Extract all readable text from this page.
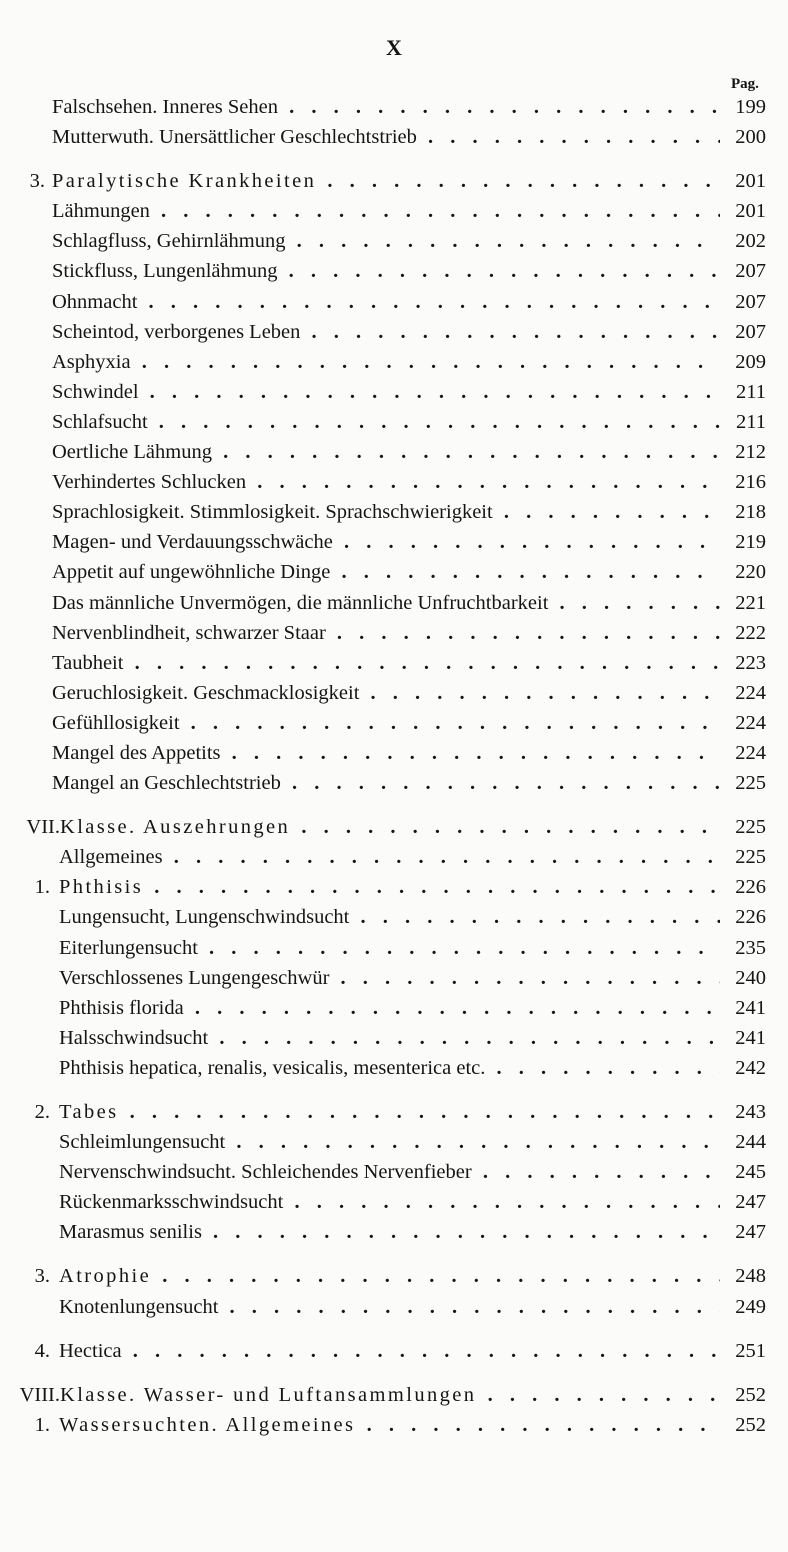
X
Pag.
Falschsehen. Inneres Sehen . . .	199
Mutterwuth. Unersättlicher Geschlechtstrieb . . .	200
3. Paralytische Krankheiten . . .	201
Lähmungen . . .	201
Schlagfluss, Gehirnlähmung . . .	202
Stickfluss, Lungenlähmung . . .	207
Ohnmacht . . .	207
Scheintod, verborgenes Leben . . .	207
Asphyxia . . .	209
Schwindel . . .	211
Schlafsucht . . .	211
Oertliche Lähmung . . .	212
Verhindertes Schlucken . . .	216
Sprachlosigkeit. Stimmlosigkeit. Sprachschwierigkeit . . .	218
Magen- und Verdauungsschwäche . . .	219
Appetit auf ungewöhnliche Dinge . . .	220
Das männliche Unvermögen, die männliche Unfruchtbarkeit . . .	221
Nervenblindheit, schwarzer Staar . . .	222
Taubheit . . .	223
Geruchlosigkeit. Geschmacklosigkeit . . .	224
Gefühllosigkeit . . .	224
Mangel des Appetits . . .	224
Mangel an Geschlechtstrieb . . .	225
VII. Klasse. Auszehrungen . . .	225
Allgemeines . . .	225
1. Phthisis . . .	226
Lungensucht, Lungenschwindsucht . . .	226
Eiterlungensucht . . .	235
Verschlossenes Lungengeschwür . . .	240
Phthisis florida . . .	241
Halsschwindsucht . . .	241
Phthisis hepatica, renalis, vesicalis, mesenterica etc. . . .	242
2. Tabes . . .	243
Schleimlungensucht . . .	244
Nervenschwindsucht. Schleichendes Nervenfieber . . .	245
Rückenmarksschwindsucht . . .	247
Marasmus senilis . . .	247
3. Atrophie . . .	248
Knotenlungensucht . . .	249
4. Hectica . . .	251
VIII. Klasse. Wasser- und Luftansammlungen . . .	252
1. Wassersuchten. Allgemeines . . .	252
